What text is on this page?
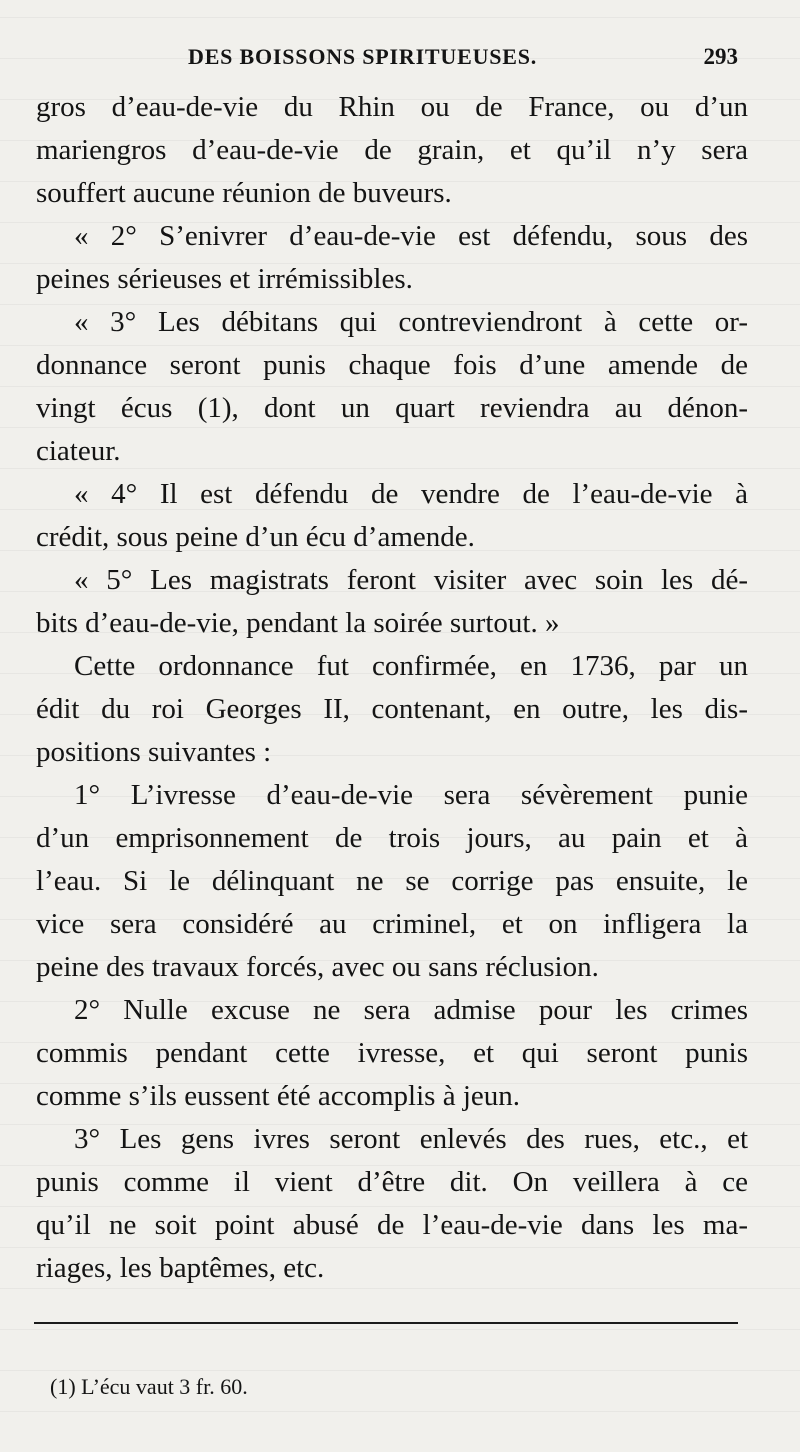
DES BOISSONS SPIRITUEUSES.	293
gros d’eau-de-vie du Rhin ou de France, ou d’un
mariengros d’eau-de-vie de grain, et qu’il n’y sera
souffert aucune réunion de buveurs.
« 2° S’enivrer d’eau-de-vie est défendu, sous des
peines sérieuses et irrémissibles.
« 3° Les débitans qui contreviendront à cette or-
donnance seront punis chaque fois d’une amende de
vingt écus (1), dont un quart reviendra au dénon-
ciateur.
« 4° Il est défendu de vendre de l’eau-de-vie à
crédit, sous peine d’un écu d’amende.
« 5° Les magistrats feront visiter avec soin les dé-
bits d’eau-de-vie, pendant la soirée surtout. »
Cette ordonnance fut confirmée, en 1736, par un
édit du roi Georges II, contenant, en outre, les dis-
positions suivantes :
1° L’ivresse d’eau-de-vie sera sévèrement punie
d’un emprisonnement de trois jours, au pain et à
l’eau. Si le délinquant ne se corrige pas ensuite, le
vice sera considéré au criminel, et on infligera la
peine des travaux forcés, avec ou sans réclusion.
2° Nulle excuse ne sera admise pour les crimes
commis pendant cette ivresse, et qui seront punis
comme s’ils eussent été accomplis à jeun.
3° Les gens ivres seront enlevés des rues, etc., et
punis comme il vient d’être dit. On veillera à ce
qu’il ne soit point abusé de l’eau-de-vie dans les ma-
riages, les baptêmes, etc.
(1) L’écu vaut 3 fr. 60.
